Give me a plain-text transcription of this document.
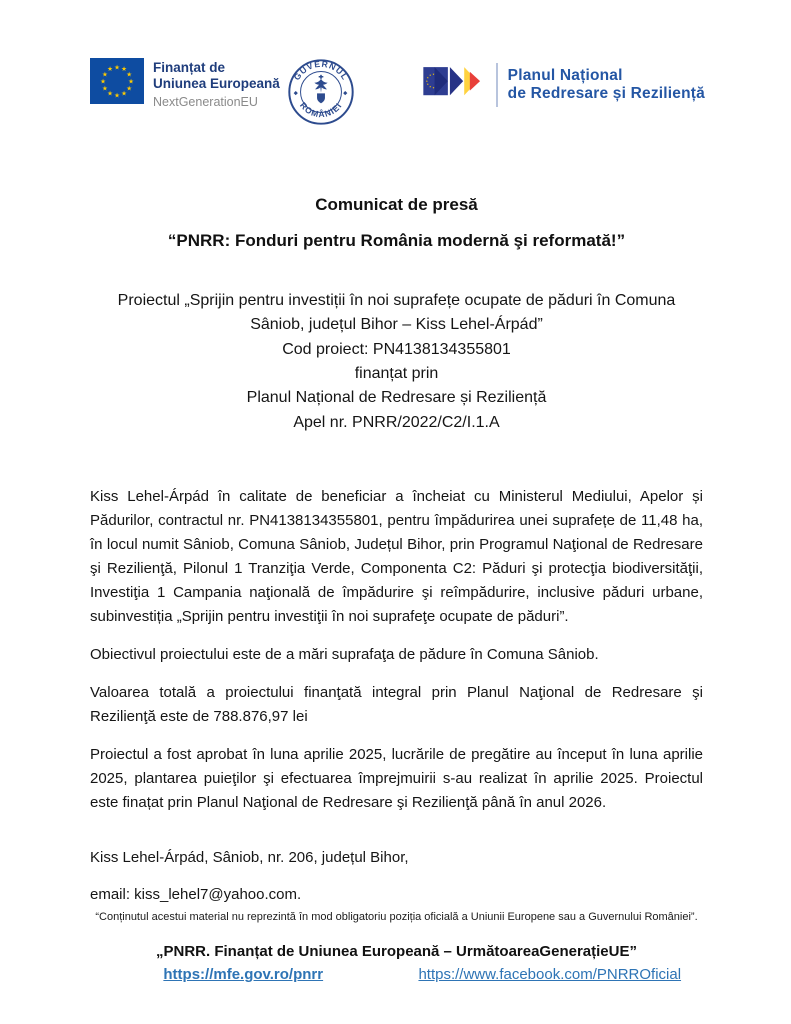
★ ★
★
★
★
★
★
★
★
★
★
★	Finanțat de
Uniunea Europeană
NextGenerationEU
GUVERNUL
ROMÂNIEI
◆	◆
★
★
★
★
★
★
★	Planul Național
de Redresare și Reziliență
Comunicat de presă
“PNRR: Fonduri pentru România modernă şi reformată!”
Proiectul „Sprijin pentru investiții în noi suprafețe ocupate de păduri în Comuna Sâniob, județul Bihor – Kiss Lehel-Árpád”
Cod proiect: PN4138134355801
finanțat prin
Planul Național de Redresare și Reziliență
Apel nr. PNRR/2022/C2/I.1.A

Kiss Lehel-Árpád în calitate de beneficiar a încheiat cu Ministerul Mediului, Apelor și Pădurilor, contractul nr. PN4138134355801, pentru împădurirea unei suprafețe de 11,48 ha, în locul numit Sâniob, Comuna Sâniob, Județul Bihor, prin Programul Naţional de Redresare şi Rezilienţă, Pilonul 1 Tranziţia Verde, Componenta C2: Păduri şi protecţia biodiversităţii, Investiţia 1 Campania naţională de împădurire şi reîmpădurire, inclusive păduri urbane, subinvestiția „Sprijin pentru investiţii în noi suprafeţe ocupate de păduri”.

Obiectivul proiectului este de a mări suprafaţa de pădure în Comuna Sâniob.

Valoarea totală a proiectului finanţată integral prin Planul Naţional de Redresare şi Rezilienţă este de 788.876,97 lei

Proiectul a fost aprobat în luna aprilie 2025, lucrările de pregătire au început în luna aprilie 2025, plantarea puieţilor şi efectuarea împrejmuirii s-au realizat în aprilie 2025. Proiectul este finațat prin Planul Naţional de Redresare şi Rezilienţă până în anul 2026.

Kiss Lehel-Árpád, Sâniob, nr. 206, județul Bihor,

email: kiss_lehel7@yahoo.com.

“Conținutul acestui material nu reprezintă în mod obligatoriu poziția oficială a Uniunii Europene sau a Guvernului României”.

„PNRR. Finanțat de Uniunea Europeană – UrmătoareaGenerațieUE”

https://mfe.gov.ro/pnrr	https://www.facebook.com/PNRROficial
